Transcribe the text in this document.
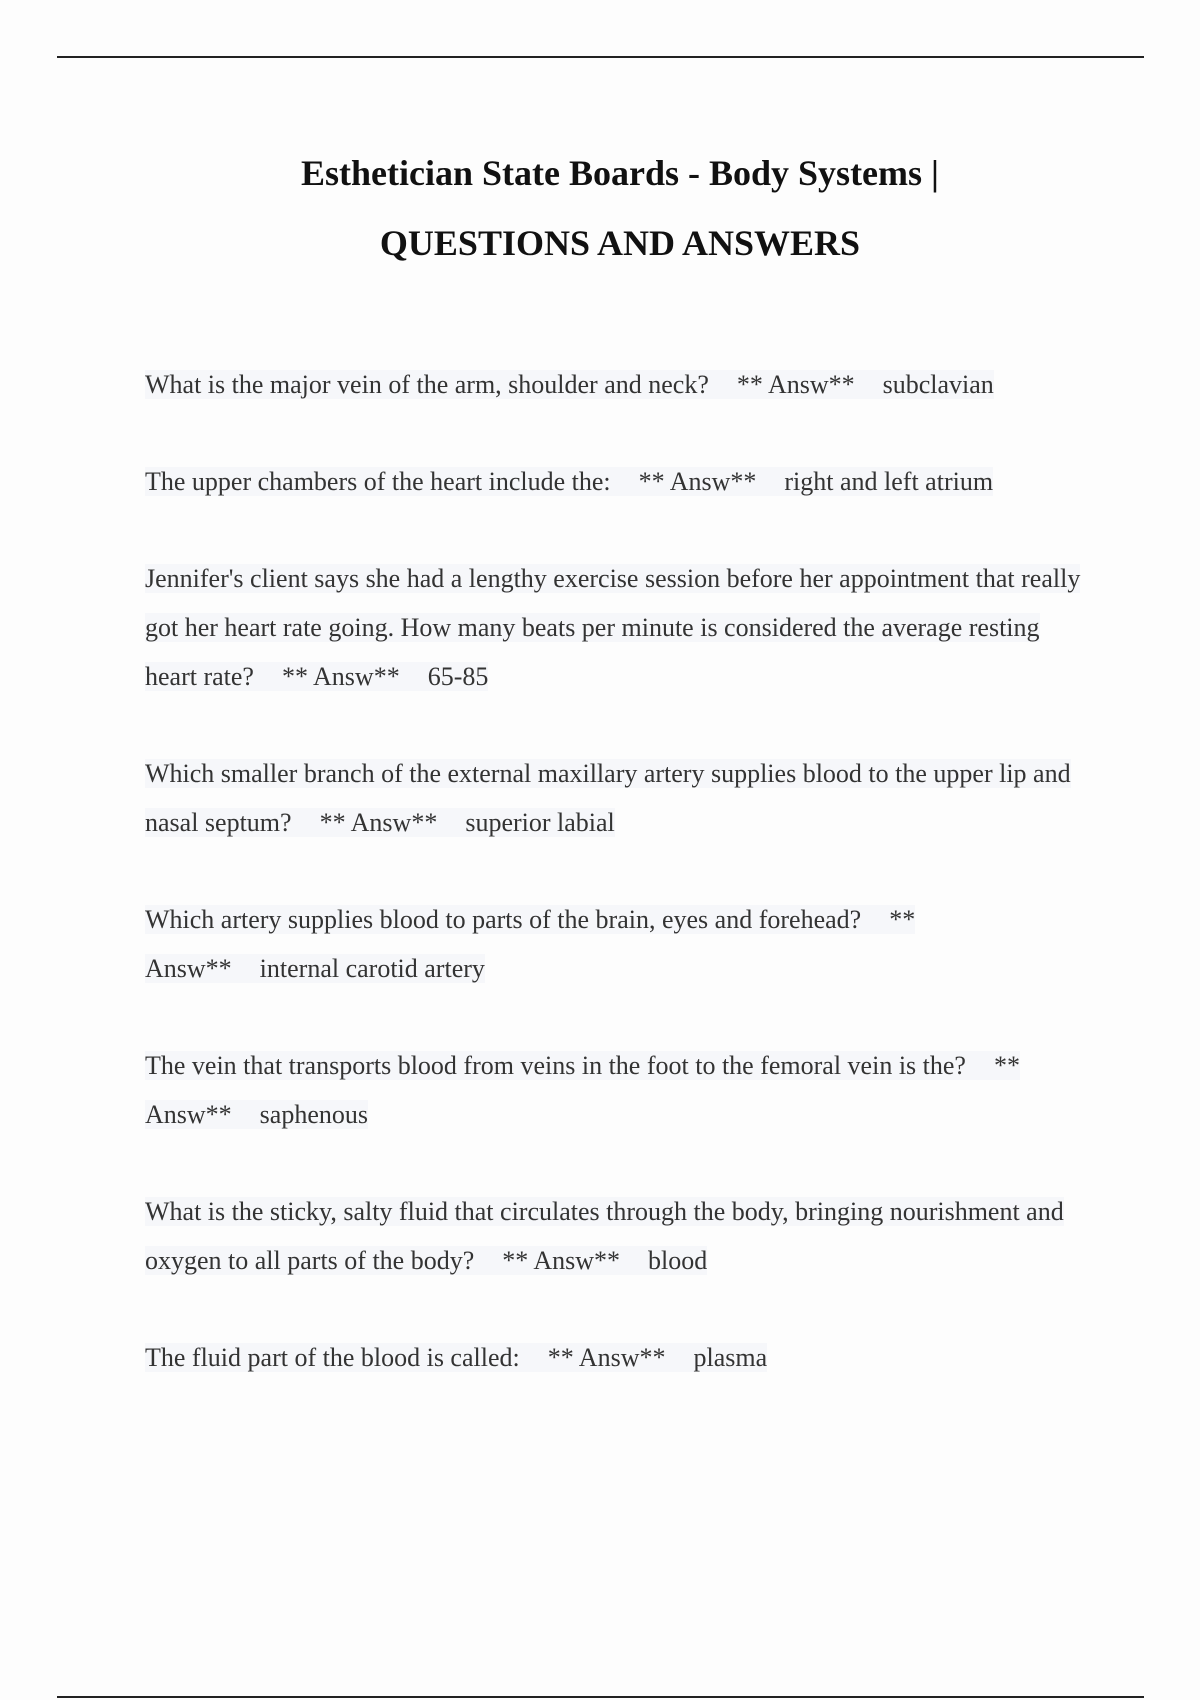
Esthetician State Boards - Body Systems |
QUESTIONS AND ANSWERS

What is the major vein of the arm, shoulder and neck? ** Answ** subclavian

The upper chambers of the heart include the: ** Answ** right and left atrium

Jennifer's client says she had a lengthy exercise session before her appointment that really got her heart rate going. How many beats per minute is considered the average resting heart rate? ** Answ** 65-85

Which smaller branch of the external maxillary artery supplies blood to the upper lip and nasal septum? ** Answ** superior labial

Which artery supplies blood to parts of the brain, eyes and forehead? ** Answ** internal carotid artery

The vein that transports blood from veins in the foot to the femoral vein is the? ** Answ** saphenous

What is the sticky, salty fluid that circulates through the body, bringing nourishment and oxygen to all parts of the body? ** Answ** blood

The fluid part of the blood is called: ** Answ** plasma
